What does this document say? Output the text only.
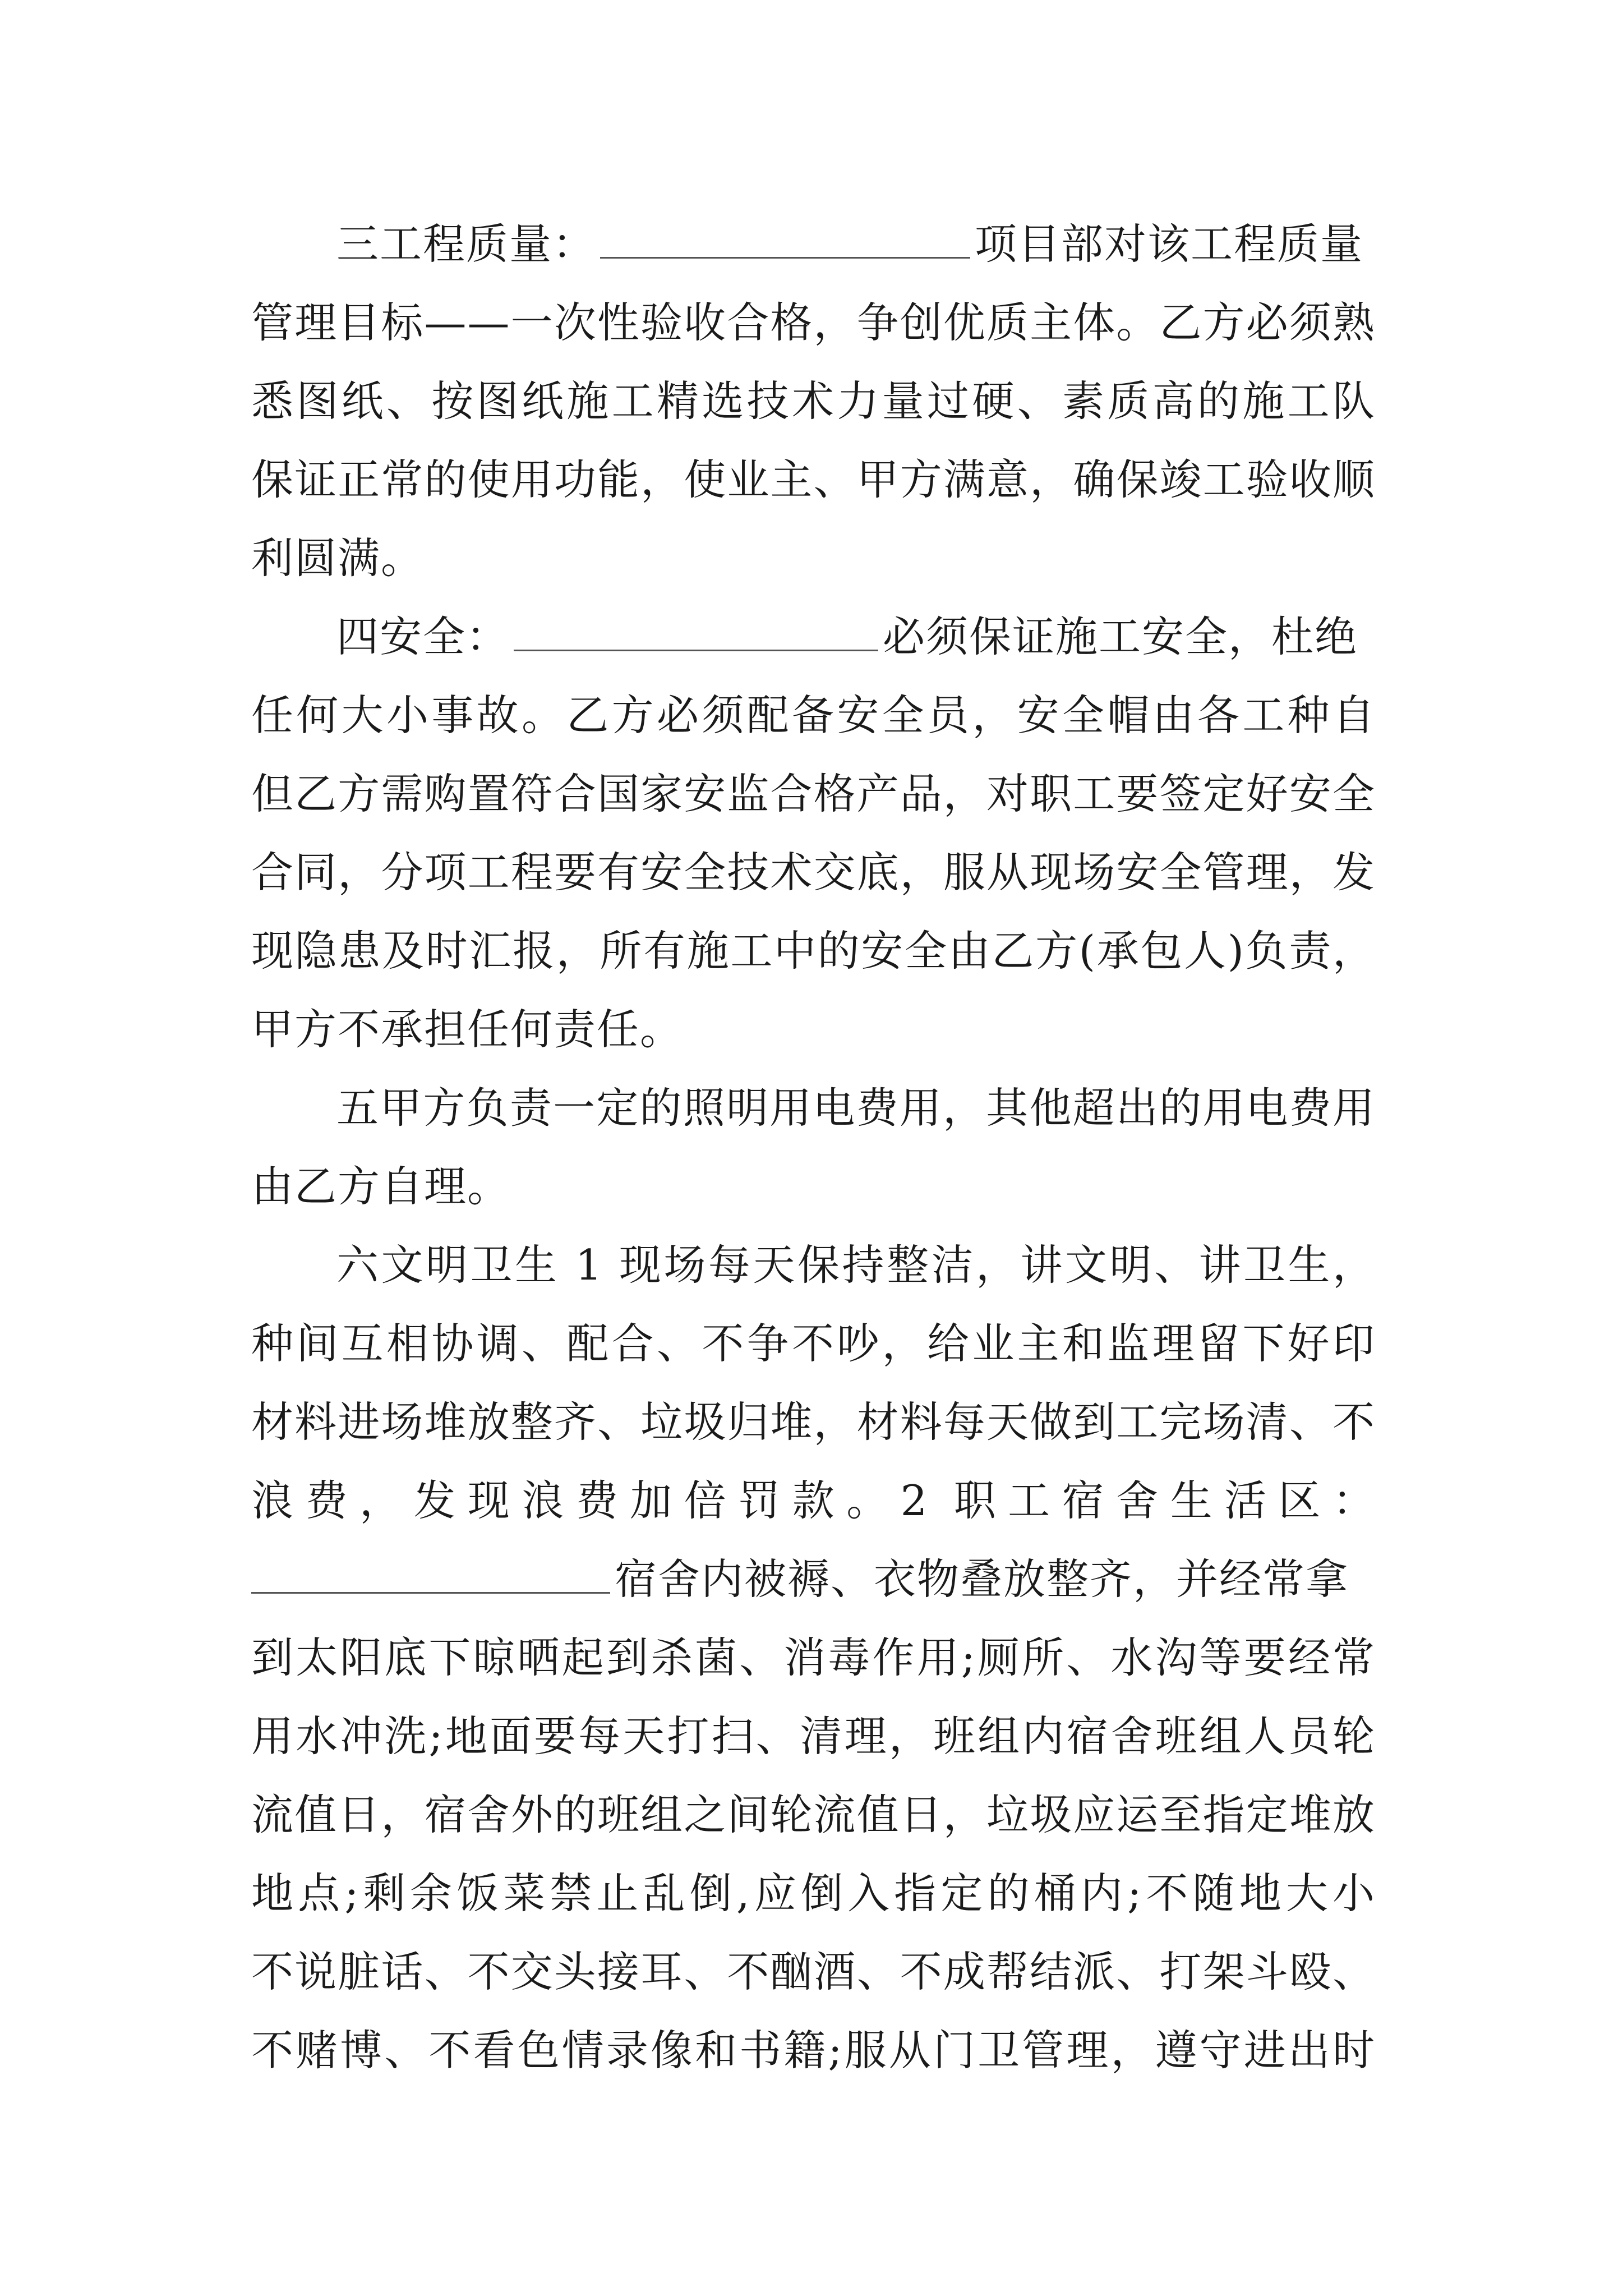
三工程质量：	项目部对该工程质量
管理目标——一次性验收合格，争创优质主体。乙方必须熟
悉图纸、按图纸施工精选技术力量过硬、素质高的施工队
保证正常的使用功能，使业主、甲方满意，确保竣工验收顺
利圆满。
四安全：	必须保证施工安全，杜绝
任何大小事故。乙方必须配备安全员，安全帽由各工种自
但乙方需购置符合国家安监合格产品，对职工要签定好安全
合同，分项工程要有安全技术交底，服从现场安全管理，发
现隐患及时汇报，所有施工中的安全由乙方(承包人)负责，
甲方不承担任何责任。
五甲方负责一定的照明用电费用，其他超出的用电费用
由乙方自理。
六文明卫生 1 现场每天保持整洁，讲文明、讲卫生，
种间互相协调、配合、不争不吵，给业主和监理留下好印
材料进场堆放整齐、垃圾归堆，材料每天做到工完场清、不
浪费，发现浪费加倍罚款。2 职工宿舍生活区：
宿舍内被褥、衣物叠放整齐，并经常拿
到太阳底下晾晒起到杀菌、消毒作用;厕所、水沟等要经常
用水冲洗;地面要每天打扫、清理，班组内宿舍班组人员轮
流值日，宿舍外的班组之间轮流值日，垃圾应运至指定堆放
地点;剩余饭菜禁止乱倒,应倒入指定的桶内;不随地大小
不说脏话、不交头接耳、不酗酒、不成帮结派、打架斗殴、
不赌博、不看色情录像和书籍;服从门卫管理，遵守进出时
